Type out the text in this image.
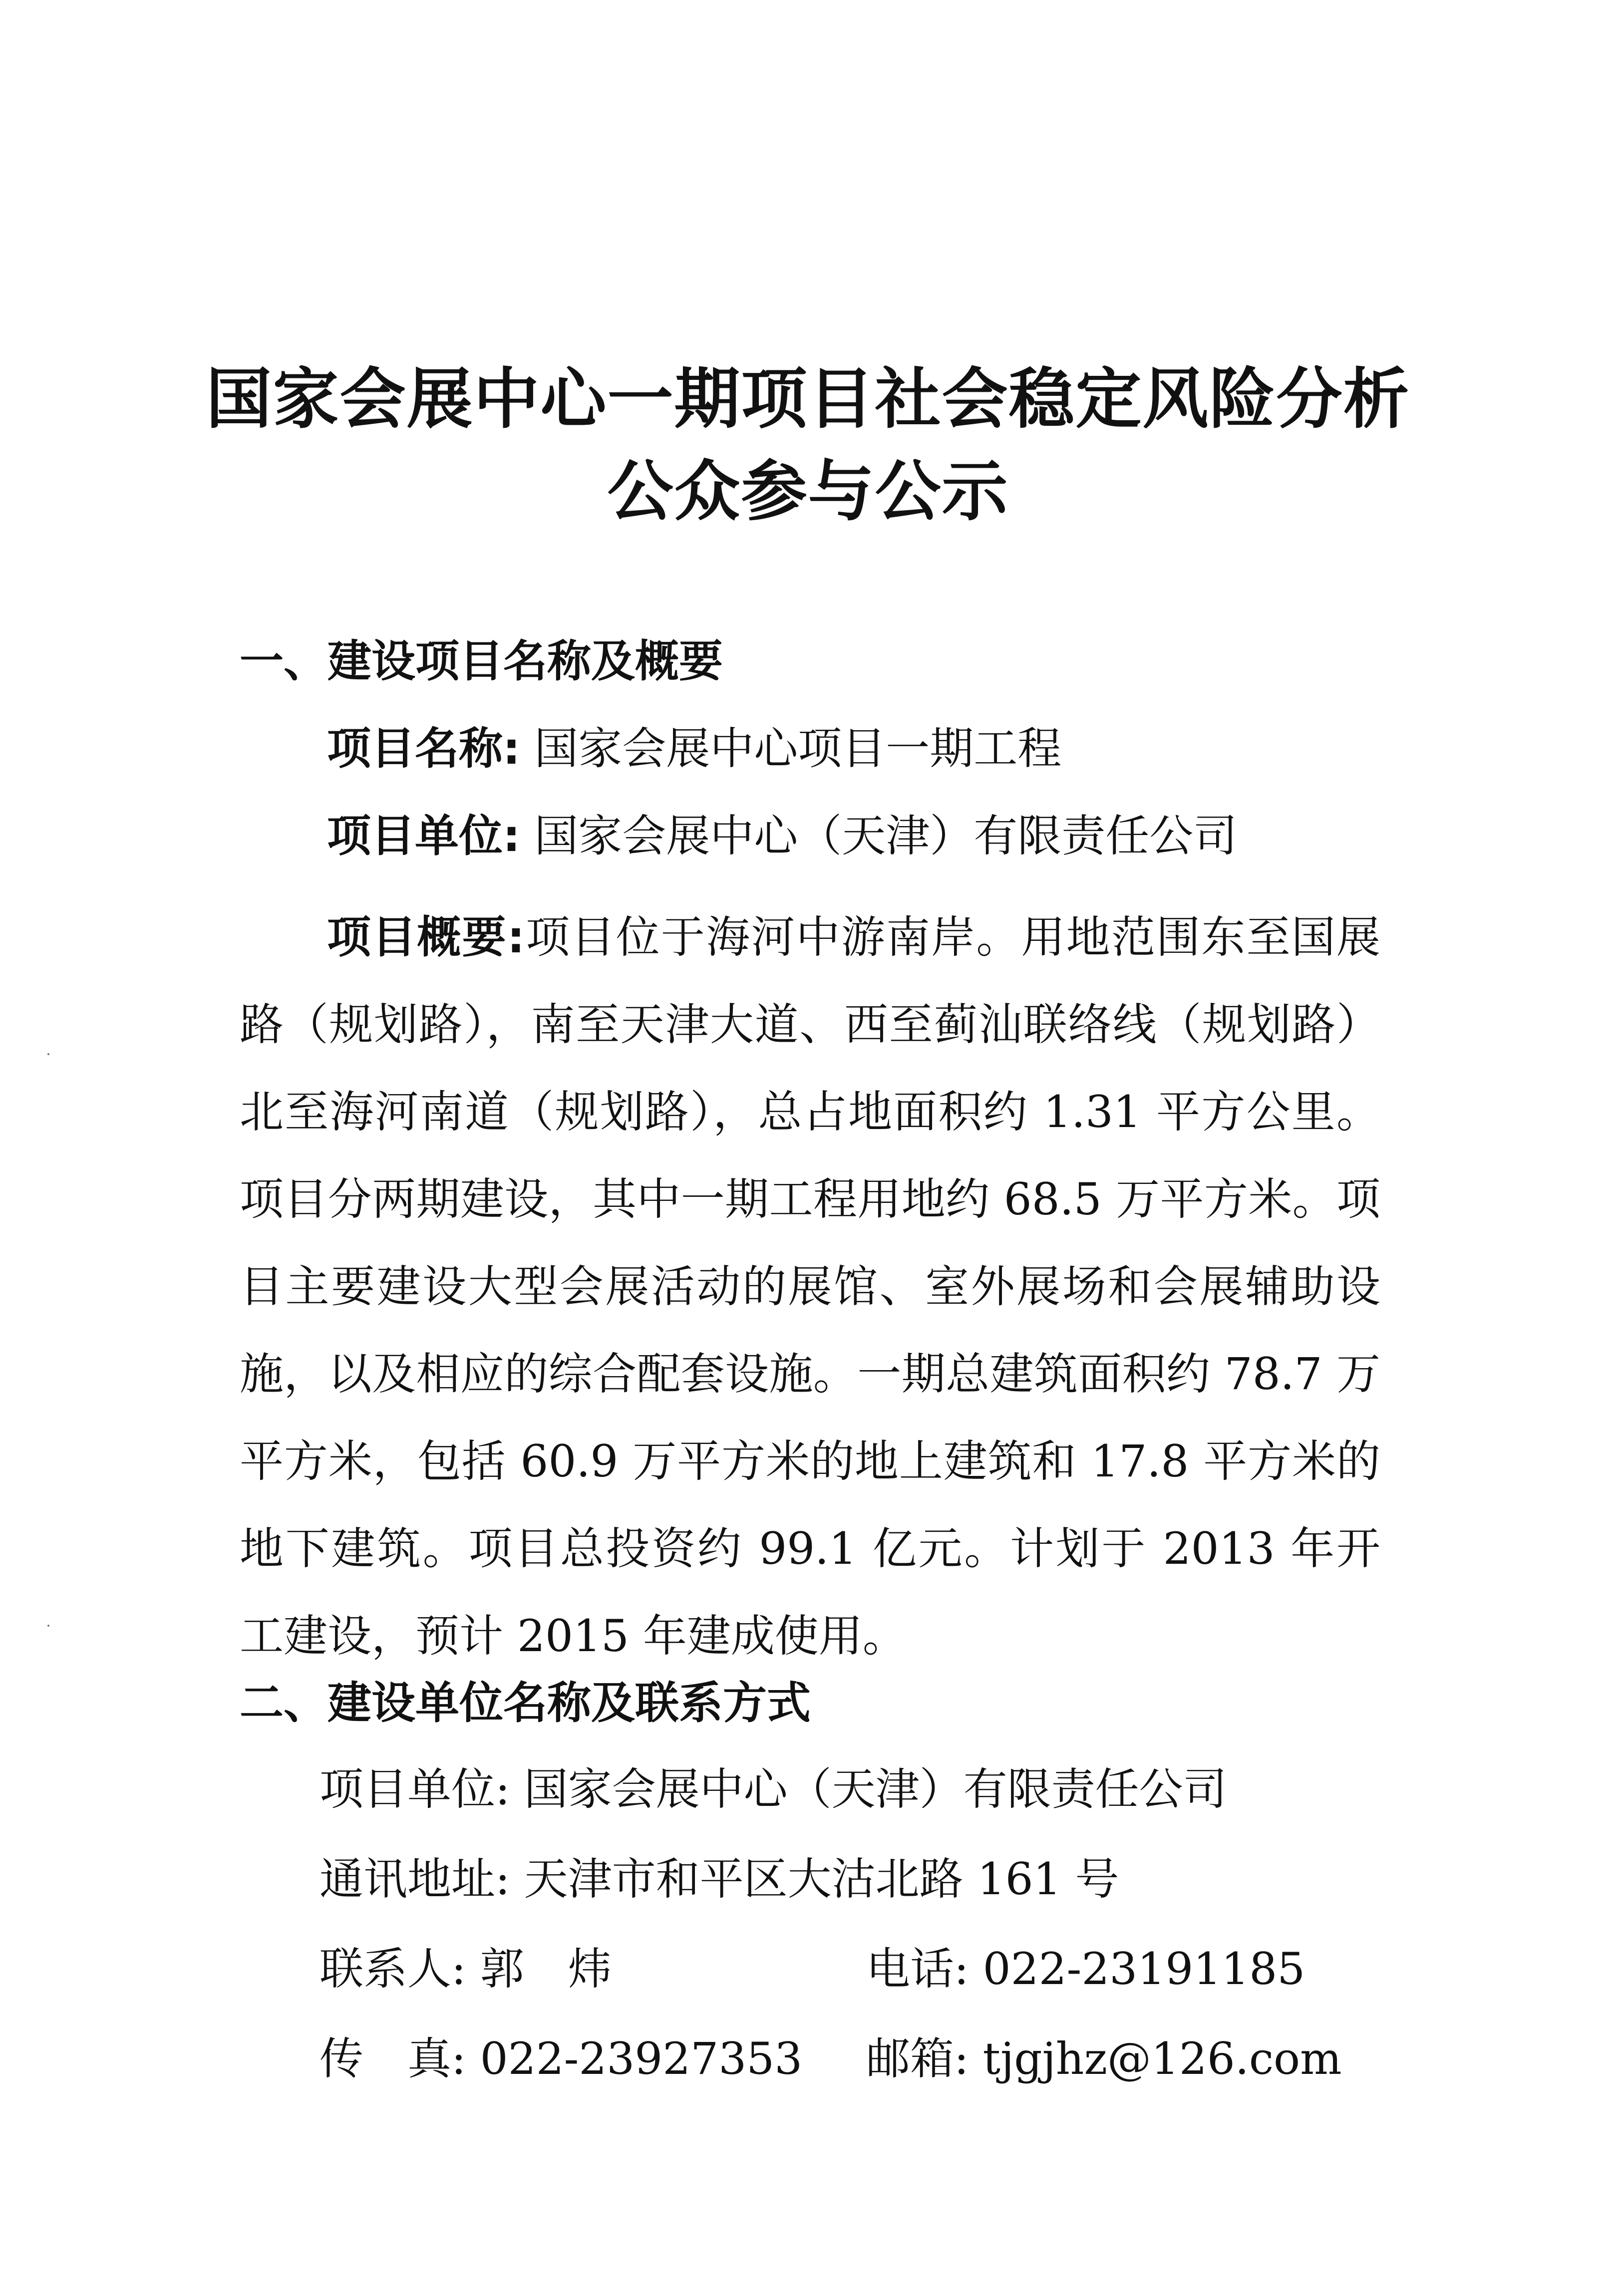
国家会展中心一期项目社会稳定风险分析
公众参与公示
一、建设项目名称及概要
项目名称: 国家会展中心项目一期工程
项目单位: 国家会展中心（天津）有限责任公司
项目概要:项目位于海河中游南岸。用地范围东至国展路（规划路），南至天津大道、西至蓟汕联络线（规划路）北至海河南道（规划路），总占地面积约 1.31 平方公里。项目分两期建设，其中一期工程用地约 68.5 万平方米。项目主要建设大型会展活动的展馆、室外展场和会展辅助设施，以及相应的综合配套设施。一期总建筑面积约 78.7 万平方米，包括 60.9 万平方米的地上建筑和 17.8 平方米的地下建筑。项目总投资约 99.1 亿元。计划于 2013 年开工建设，预计 2015 年建成使用。
二、建设单位名称及联系方式
项目单位: 国家会展中心（天津）有限责任公司
通讯地址: 天津市和平区大沽北路 161 号
联系人: 郭　炜	电话: 022-23191185
传　真: 022-23927353 邮箱: tjgjhz@126.com
